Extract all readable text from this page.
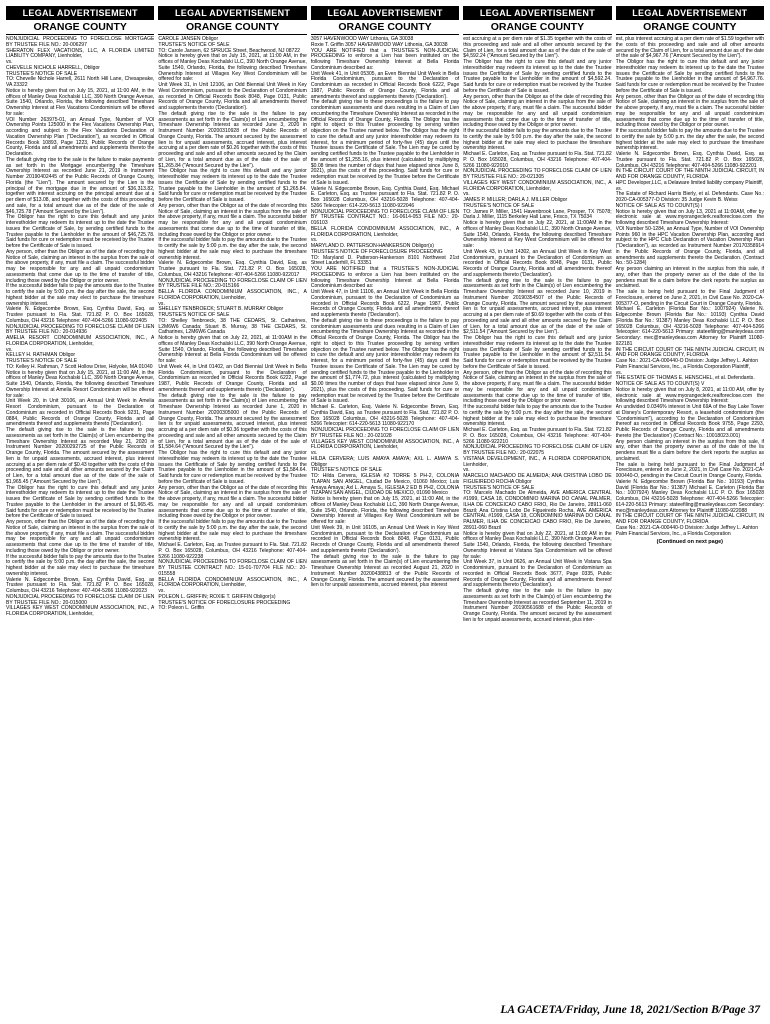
LEGAL ADVERTISEMENT
ORANGE COUNTY

NONJUDICIAL PROCEEDING TO FORECLOSE MORTGAGE BY TRUSTEE FILE NO.: 20-006297

SHERATON FLEX VACATIONS, LLC, A FLORIDA LIMITED LIABILITY COMPANY, Lienholder,

vs.

CHEVELLE NICHOLE HARRELL, Obligor

TRUSTEE'S NOTICE OF SALE

TO: Chevelle Nichole Harrell, 2611 North Hill Lane, Chesapeake, VA 23322

Notice is hereby given that on July 15, 2021, at 11:00 AM, in the offices of Manley Deas Kochalski LLC, 390 North Orange Avenue, Suite 1540, Orlando, Florida, the following described Timeshare Ownership Interest at Flex Vacations Condominium will be offered for sale:

VOI Number 263975-01, an Annual Type, Number of VOI Ownership Points 125000 in the Flex Vacations Ownership Plan, according and subject to the Flex Vacations Declaration of Vacation Ownership Plan ("Declaration"), as recorded in Official Records Book 10893, Page 1223, Public Records of Orange County, Florida and all amendments and supplements thereto the Declaration.

The default giving rise to the sale is the failure to make payments as set forth in the Mortgage encumbering the Timeshare Ownership Interest as recorded June 21, 2019 in Instrument Number 20190402445 of the Public Records of Orange County, Florida (the "Lien"). The amount secured by the Lien is the principal of the mortgage due in the amount of $36,313.82, together with interest accruing on the principal amount due at a per diem of $13.08, and together with the costs of this proceeding and sale, for a total amount due as of the date of the sale of $46,725.78 ("Amount Secured by the Lien").

The Obligor has the right to cure this default and any junior interestholder may redeem its interest up to the date the Trustee issues the Certificate of Sale, by sending certified funds to the Trustee payable to the Lienholder in the amount of $46,725.78. Said funds for cure or redemption must be received by the Trustee before the Certificate of Sale is issued.

Any person, other than the Obligor as of the date of recording this Notice of Sale, claiming an interest in the surplus from the sale of the above property, if any, must file a claim. The successful bidder may be responsible for any and all unpaid condominium assessments that come due up to the time of transfer of title, including those owed by the Obligor or prior owner.

If the successful bidder fails to pay the amounts due to the Trustee to certify the sale by 5:00 p.m. the day after the sale, the second highest bidder at the sale may elect to purchase the timeshare ownership interest.

Valerie N. Edgecombe Brown, Esq. Cynthia David, Esq. as Trustee pursuant to Fla. Stat. 721.82 P. O. Box 165028, Columbus, OH 43216 Telephone: 407-404-5266 11080-922405

NONJUDICIAL PROCEEDING TO FORECLOSE CLAIM OF LIEN BY TRUSTEE FILE NO.: 20-014936

AMELIA RESORT CONDOMINIUM ASSOCIATION, INC., A FLORIDA CORPORATION, Lienholder,

vs.

KELLEY H. RATHMAN Obligor

TRUSTEE'S NOTICE OF SALE

TO: Kelley H. Rathman, 7 Scott Hollow Drive, Holyoke, MA 01040

Notice is hereby given that on July 15, 2021, at 11:00 AM, in the offices of Manley Deas Kochalski LLC, 390 North Orange Avenue, Suite 1540, Orlando, Florida, the following described Timeshare Ownership Interest at Amelia Resort Condominium will be offered for sale:

Unit Week 20, in Unit 30106, an Annual Unit Week in Amelia Resort Condominium, pursuant to the Declaration of Condominium as recorded in Official Records Book 9231, Page 0884, Public Records of Orange County, Florida and all amendments thereof and supplements thereto ('Declaration').

The default giving rise to the sale is the failure to pay assessments as set forth in the Claim(s) of Lien encumbering the Timeshare Ownership Interest as recorded May 21, 2020 in Instrument Number 20200292725 of the Public Records of Orange County, Florida. The amount secured by the assessment lien is for unpaid assessments, accrued interest, plus interest accruing at a per diem rate of $0.43 together with the costs of this proceeding and sale and all other amounts secured by the Claim of Lien, for a total amount due as of the date of the sale of $1,965.45 ("Amount Secured by the Lien").

The Obligor has the right to cure this default and any junior interestholder may redeem its interest up to the date the Trustee issues the Certificate of Sale by sending certified funds to the Trustee payable to the Lienholder in the amount of $1,965.45. Said funds for cure or redemption must be received by the Trustee before the Certificate of Sale is issued.

Any person, other than the Obligor as of the date of recording this Notice of Sale, claiming an interest in the surplus from the sale of the above property, if any, must file a claim. The successful bidder may be responsible for any and all unpaid condominium assessments that come due up to the time of transfer of title, including those owed by the Obligor or prior owner.

If the successful bidder fails to pay the amounts due to the Trustee to certify the sale by 5:00 p.m. the day after the sale, the second highest bidder at the sale may elect to purchase the timeshare ownership interest.

Valerie N. Edgecombe Brown, Esq. Cynthia David, Esq. as Trustee pursuant to Fla. Stat. 721.82 P. O. Box 165028, Columbus, OH 43216 Telephone: 407-404-5266 11080-922023

NONJUDICIAL PROCEEDING TO FORECLOSE CLAIM OF LIEN BY TRUSTEE FILE NO.: 20-015000

VILLAGES KEY WEST CONDOMINIUM ASSOCIATION, INC., A FLORIDA CORPORATION, Lienholder,

LEGAL ADVERTISEMENT
ORANGE COUNTY

CAROLE JANSEN Obligor

TRUSTEE'S NOTICE OF SALE

TO: Carole Jansen, 62 SPRUCE Street, Beachwood, NJ 08722

Notice is hereby given that on July 15, 2021, at 11:00 AM, in the offices of Manley Deas Kochalski LLC, 390 North Orange Avenue, Suite 1540, Orlando, Florida, the following described Timeshare Ownership Interest at Villages Key West Condominium will be offered for sale:

Unit Week 31, in Unit 12106, an Odd Biennial Unit Week in Key West Condominium, pursuant to the Declaration of Condominium as recorded in Official Records Book 8048, Page 0131, Public Records of Orange County, Florida and all amendments thereof and supplements thereto ('Declaration').

The default giving rise to the sale is the failure to pay assessments as set forth in the Claim(s) of Lien encumbering the Timeshare Ownership Interest as recorded June 3, 2020 in Instrument Number 20200310928 of the Public Records of Orange County, Florida. The amount secured by the assessment lien is for unpaid assessments, accrued interest, plus interest accruing at a per diem rate of $0.26 together with the costs of this proceeding and sale and all other amounts secured by the Claim of Lien, for a total amount due as of the date of the sale of $1,265.84 ("Amount Secured by the Lien").

The Obligor has the right to cure this default and any junior interestholder may redeem its interest up to the date the Trustee issues the Certificate of Sale by sending certified funds to the Trustee payable to the Lienholder in the amount of $1,265.84. Said funds for cure or redemption must be received by the Trustee before the Certificate of Sale is issued.

Any person, other than the Obligor as of the date of recording this Notice of Sale, claiming an interest in the surplus from the sale of the above property, if any, must file a claim. The successful bidder may be responsible for any and all unpaid condominium assessments that come due up to the time of transfer of title, including those owed by the Obligor or prior owner.

If the successful bidder fails to pay the amounts due to the Trustee to certify the sale by 5:00 p.m. the day after the sale, the second highest bidder at the sale may elect to purchase the timeshare ownership interest.

Valerie N. Edgecombe Brown, Esq. Cynthia David, Esq. as Trustee pursuant to Fla. Stat. 721.82 P. O. Box 165028, Columbus, OH 43216 Telephone: 407-404-5266 11080-922017

NONJUDICIAL PROCEEDING TO FORECLOSE CLAIM OF LIEN BY TRUSTEE FILE NO.: 20-015166

BELLA FLORIDA CONDOMINIUM ASSOCIATION, INC., A FLORIDA CORPORATION, Lienholder,

vs.

SHELLEY TENBROECK; STUART B. MURRAY Obligor

TRUSTEE'S NOTICE OF SALE

TO: Shelley Tenbroeck, 38 THE CEDARS, St. Catharines, L2M6W6 Canada; Stuart B. Murray, 38 THE CEDARS, St. Catharines, L2M6W6 Canada

Notice is hereby given that on July 22, 2021, at 11:00AM in the offices of Manley Deas Kochalski LLC, 390 North Orange Avenue, Suite 1540, Orlando, Florida, the following described Timeshare Ownership Interest at Bella Florida Condominium will be offered for sale:

Unit Week 44, in Unit 01402, an Odd Biennial Unit Week in Bella Florida Condominium, pursuant to the Declaration of Condominium as recorded in Official Records Book 6222, Page 1987, Public Records of Orange County, Florida and all amendments thereof and supplements thereto ('Declaration').

The default giving rise to the sale is the failure to pay assessments as set forth in the Claim(s) of Lien encumbering the Timeshare Ownership Interest as recorded June 1, 2020 in Instrument Number 20200305000 of the Public Records of Orange County, Florida. The amount secured by the assessment lien is for unpaid assessments, accrued interest, plus interest accruing at a per diem rate of $0.36 together with the costs of this proceeding and sale and all other amounts secured by the Claim of Lien, for a total amount due as of the date of the sale of $1,584.64 ("Amount Secured by the Lien").

The Obligor has the right to cure this default and any junior interestholder may redeem its interest up to the date the Trustee issues the Certificate of Sale by sending certified funds to the Trustee payable to the Lienholder in the amount of $1,584.64. Said funds for cure or redemption must be received by the Trustee before the Certificate of Sale is issued.

Any person, other than the Obligor as of the date of recording this Notice of Sale, claiming an interest in the surplus from the sale of the above property, if any, must file a claim. The successful bidder may be responsible for any and all unpaid condominium assessments that come due up to the time of transfer of title, including those owed by the Obligor or prior owner.

If the successful bidder fails to pay the amounts due to the Trustee to certify the sale by 5:00 p.m. the day after the sale, the second highest bidder at the sale may elect to purchase the timeshare ownership interest.

Michael E. Carleton, Esq. as Trustee pursuant to Fla. Stat. 721.82 P. O. Box 165028, Columbus, OH 43216 Telephone: 407-404-5266 11080-922238

NONJUDICIAL PROCEEDING TO FORECLOSE CLAIM OF LIEN BY TRUSTEE CONTRACT NO.: 15-01-707704 FILE NO.: 20-015558

BELLA FLORIDA CONDOMINIUM ASSOCIATION, INC., A FLORIDA CORPORATION, Lienholder,

vs.

POLEON L. GRIFFIN; ROXIE T. GRIFFIN Obligor(s)

TRUSTEE'S NOTICE OF FORECLOSURE PROCEEDING

TO: Poleon L. Griffin

LEGAL ADVERTISEMENT
ORANGE COUNTY

3057 HAVENWOOD WAY Lithonia, GA 30038

Roxie T. Griffin 3057 HAVENWOOD WAY Lithonia, GA 30038

YOU ARE NOTIFIED that a TRUSTEE'S NON-JUDICIAL PROCEEDING to enforce a Lien has been instituted on the following Timeshare Ownership Interest at Bella Florida Condominium described as:

Unit Week 41, in Unit 05305, an Even Biennial Unit Week in Bella Florida Condominium, pursuant to the Declaration of Condominium as recorded in Official Records Book 6222, Page 1987, Public Records of Orange County, Florida and all amendments thereof and supplements thereto ('Declaration').

The default giving rise to these proceedings is the failure to pay condominium assessments and dues resulting in a Claim of Lien encumbering the Timeshare Ownership Interest as recorded in the Official Records of Orange County, Florida. The Obligor has the right to object to this Trustee proceeding by serving written objection on the Trustee named below. The Obligor has the right to cure the default and any junior interestholder may redeem its interest, for a minimum period of forty-five (45) days until the Trustee issues the Certificate of Sale. The Lien may be cured by sending certified funds to the Trustee payable to the Lienholder in the amount of $1,255.16, plus interest (calculated by multiplying $0.08 times the number of days that have elapsed since June 8, 2021), plus the costs of this proceeding. Said funds for cure or redemption must be received by the Trustee before the Certificate of Sale is issued.

Valerie N. Edgecombe Brown, Esq. Cynthia David, Esq. Michael E. Carleton, Esq. as Trustee pursuant to Fla. Stat. 721.82 P. O. Box 165028 Columbus, OH 43216-5028 Telephone: 407-404-5266 Telecopier: 614-220-5613 11080-922046

NONJUDICIAL PROCEEDING TO FORECLOSE CLAIM OF LIEN BY TRUSTEE CONTRACT NO.: 16-0614-053 FILE NO.: 20-016103

BELLA FLORIDA CONDOMINIUM ASSOCIATION, INC., A FLORIDA CORPORATION, Lienholder,

vs.

MARYLAND D. PATTERSON-HANKERSON Obligor(s)

TRUSTEE'S NOTICE OF FORECLOSURE PROCEEDING

TO: Maryland D. Patterson-Hankerson 8101 Northwest 21st Street Lauderhill, FL 33351

YOU ARE NOTIFIED that a TRUSTEE'S NON-JUDICIAL PROCEEDING to enforce a Lien has been instituted on the following Timeshare Ownership Interest at Bella Florida Condominium described as:

Unit Week 47, in Unit 11106, an Annual Unit Week in Bella Florida Condominium, pursuant to the Declaration of Condominium as recorded in Official Records Book 6222, Page 1987, Public Records of Orange County, Florida and all amendments thereof and supplements thereto ('Declaration').

The default giving rise to these proceedings is the failure to pay condominium assessments and dues resulting in a Claim of Lien encumbering the Timeshare Ownership Interest as recorded in the Official Records of Orange County, Florida. The Obligor has the right to object to this Trustee proceeding by serving written objection on the Trustee named below. The Obligor has the right to cure the default and any junior interestholder may redeem its interest, for a minimum period of forty-five (45) days until the Trustee issues the Certificate of Sale. The Lien may be cured by sending certified funds to the Trustee payable to the Lienholder in the amount of $1,774.72, plus interest (calculated by multiplying $0.00 times the number of days that have elapsed since June 9, 2021), plus the costs of this proceeding. Said funds for cure or redemption must be received by the Trustee before the Certificate of Sale is issued.

Michael E. Carleton, Esq. Valerie N. Edgecombe Brown, Esq. Cynthia David, Esq. as Trustee pursuant to Fla. Stat. 721.82 P. O. Box 165028 Columbus, OH 43216-5028 Telephone: 407-404-5266 Telecopier: 614-220-5613 11080-922170

NONJUDICIAL PROCEEDING TO FORECLOSE CLAIM OF LIEN BY TRUSTEE FILE NO.: 20-021028

VILLAGES KEY WEST CONDOMINIUM ASSOCIATION, INC., A FLORIDA CORPORATION, Lienholder,

vs.

HILDA CERVERA; LUIS AMAYA AMAYA; AXL L. AMAYA S. Obligor

TRUSTEE'S NOTICE OF SALE

TO: Hilda Cervera, IGLESIA #2 TORRE 5 PH-2, COLONIA TLAPAN SAN ANGEL, Ciudad De Mexico, 01060 Mexico; Luis Amaya Amaya; Axl L. Amaya S., IGLESIA 2 ED B PH2, COLONIA TIZAPAN SAN ANGEL, CIUDAD DE MEXICO, 01090 Mexico

Notice is hereby given that on July 15, 2021, at 11:00 AM, in the offices of Manley Deas Kochalski LLC, 390 North Orange Avenue, Suite 1540, Orlando, Florida, the following described Timeshare Ownership Interest at Villages Key West Condominium will be offered for sale:

Unit Week 39, in Unit 16105, an Annual Unit Week in Key West Condominium, pursuant to the Declaration of Condominium as recorded in Official Records Book 8048, Page 0131, Public Records of Orange County, Florida and all amendments thereof and supplements thereto ('Declaration').

The default giving rise to the sale is the failure to pay assessments as set forth in the Claim(s) of Lien encumbering the Timeshare Ownership Interest as recorded August 21, 2020 in Instrument Number 20200438813 of the Public Records of Orange County, Florida. The amount secured by the assessment lien is for unpaid assessments, accrued interest, plus interest

LEGAL ADVERTISEMENT
ORANGE COUNTY

est accruing at a per diem rate of $1.35 together with the costs of this proceeding and sale and all other amounts secured by the Claim of Lien, for a total amount due as of the date of the sale of $4,592.24 ("Amount Secured by the Lien").

The Obligor has the right to cure this default and any junior interestholder may redeem its interest up to the date the Trustee issues the Certificate of Sale by sending certified funds to the Trustee payable to the Lienholder in the amount of $4,592.24. Said funds for cure or redemption must be received by the Trustee before the Certificate of Sale is issued.

Any person, other than the Obligor as of the date of recording this Notice of Sale, claiming an interest in the surplus from the sale of the above property, if any, must file a claim. The successful bidder may be responsible for any and all unpaid condominium assessments that come due up to the time of transfer of title, including those owed by the Obligor or prior owner.

If the successful bidder fails to pay the amounts due to the Trustee to certify the sale by 5:00 p.m. the day after the sale, the second highest bidder at the sale may elect to purchase the timeshare ownership interest.

Michael E. Carleton, Esq. as Trustee pursuant to Fla. Stat. 721.82 P. O. Box 165028, Columbus, OH 43216 Telephone: 407-404-5266 11080-922010

NONJUDICIAL PROCEEDING TO FORECLOSE CLAIM OF LIEN BY TRUSTEE FILE NO.: 20-021305

VILLAGES KEY WEST CONDOMINIUM ASSOCIATION, INC., A FLORIDA CORPORATION, Lienholder,

vs.

JAMES P. MILLER; DARLA J. MILLER Obligor

TRUSTEE'S NOTICE OF SALE

TO: James P. Miller, 1541 Havenbrook Lane, Prosper, TX 75078; Darla J. Miller, 1115 Berkeley Hall Lane, Frisco, TX 75034

Notice is hereby given that on July 22, 2021, at 11:00AM in the offices of Manley Deas Kochalski LLC, 390 North Orange Avenue, Suite 1540, Orlando, Florida, the following described Timeshare Ownership Interest at Key West Condominium will be offered for sale:

Unit Week 43, in Unit 14302, an Annual Unit Week in Key West Condominium, pursuant to the Declaration of Condominium as recorded in Official Records Book 8048, Page 0131, Public Records of Orange County, Florida and all amendments thereof and supplements thereto ('Declaration').

The default giving rise to the sale is the failure to pay assessments as set forth in the Claim(s) of Lien encumbering the Timeshare Ownership Interest as recorded June 10, 2019 in Instrument Number 20190354507 of the Public Records of Orange County, Florida. The amount secured by the assessment lien is for unpaid assessments, accrued interest, plus interest accruing at a per diem rate of $0.69 together with the costs of this proceeding and sale and all other amounts secured by the Claim of Lien, for a total amount due as of the date of the sale of $2,511.54 ("Amount Secured by the Lien").

The Obligor has the right to cure this default and any junior interestholder may redeem its interest up to the date the Trustee issues the Certificate of Sale by sending certified funds to the Trustee payable to the Lienholder in the amount of $2,511.54. Said funds for cure or redemption must be received by the Trustee before the Certificate of Sale is issued.

Any person, other than the Obligor as of the date of recording this Notice of Sale, claiming an interest in the surplus from the sale of the above property, if any, must file a claim. The successful bidder may be responsible for any and all unpaid condominium assessments that come due up to the time of transfer of title, including those owed by the Obligor or prior owner.

If the successful bidder fails to pay the amounts due to the Trustee to certify the sale by 5:00 p.m. the day after the sale, the second highest bidder at the sale may elect to purchase the timeshare ownership interest.

Michael E. Carleton, Esq. as Trustee pursuant to Fla. Stat. 721.82 P. O. Box 165028, Columbus, OH 43216 Telephone: 407-404-5266 11080-922210

NONJUDICIAL PROCEEDING TO FORECLOSE CLAIM OF LIEN BY TRUSTEE FILE NO.: 20-022075

VISTANA DEVELOPMENT, INC., A FLORIDA CORPORATION, Lienholder,

vs.

MARCELO MACHADO DE ALMEIDA; ANA CRISTINA LOBO DE FIGUEIREDO ROCHA Obligor

TRUSTEE'S NOTICE OF SALE

TO: Marcelo Machado De Almeida, AVE AMERICA CENTRAL #1999, CASA 18, CONDOMINIO MARINA DO CANAL PALMER, ILHA DE CONCEICAO CABO FRIO, Rio De Janeiro, 28911-060 Brazil; Ana Cristina Lobo De Figueiredo Rocha, AVE AMERICA CENTRAL #1999, CASA 18, CONDOMINIO MARINA DO CANAL PALMER, ILHA DE CONCEICAO CABO FRIO, Rio De Janeiro, 28911-060 Brazil

Notice is hereby given that on July 22, 2021, at 11:00 AM in the offices of Manley Deas Kochalski LLC, 390 North Orange Avenue, Suite 1540, Orlando, Florida, the following described Timeshare Ownership Interest at Vistana Spa Condominium will be offered for sale:

Unit Week 37, in Unit 0626, an Annual Unit Week in Vistana Spa Condominium, pursuant to the Declaration of Condominium as recorded in Official Records Book 3677, Page 0335, Public Records of Orange County, Florida and all amendments thereof and supplements thereto ('Declaration').

The default giving rise to the sale is the failure to pay assessments as set forth in the Claim(s) of Lien encumbering the Timeshare Ownership Interest as recorded September 11, 2019 in Instrument Number 20190561688 of the Public Records of Orange County, Florida. The amount secured by the assessment lien is for unpaid assessments, accrued interest, plus inter-

LEGAL ADVERTISEMENT
ORANGE COUNTY

est, plus interest accruing at a per diem rate of $1.59 together with the costs of this proceeding and sale and all other amounts secured by the Claim of Lien, for a total amount due as of the date of the sale of $4,967.76 ("Amount Secured by the Lien").

The Obligor has the right to cure this default and any junior interestholder may redeem its interest up to the date the Trustee issues the Certificate of Sale by sending certified funds to the Trustee payable to the Lienholder in the amount of $4,967.76. Said funds for cure or redemption must be received by the Trustee before the Certificate of Sale is issued.

Any person, other than the Obligor as of the date of recording this Notice of Sale, claiming an interest in the surplus from the sale of the above property, if any, must file a claim. The successful bidder may be responsible for any and all unpaid condominium assessments that come due up to the time of transfer of title, including those owed by the Obligor or prior owner.

If the successful bidder fails to pay the amounts due to the Trustee to certify the sale by 5:00 p.m. the day after the sale, the second highest bidder at the sale may elect to purchase the timeshare ownership interest.

Valerie N. Edgecombe Brown, Esq. Cynthia David, Esq. as Trustee pursuant to Fla. Stat. 721.82 P. O. Box 165028, Columbus, OH 43216 Telephone: 407-404-5266 11080-922201

IN THE CIRCUIT COURT OF THE NINTH JUDICIAL CIRCUIT, IN AND FOR ORANGE COUNTY, FLORIDA

HPC Developer,LLC, a Delaware limited liability company Plaintiff,

vs.

The Estate of Richard Harris Bierly, et al. Defendants. Case No.: 2020-CA-005377-O Division: 35 Judge Kevin B. Weiss

NOTICE OF SALE AS TO COUNT(S) I

Notice is hereby given that on July 13, 2021 at 11:00AM, offer by electronic sale at www.myorangeclerk.realforeclose.com the following described Timeshare Ownership Interest:

VOI Number 50-1284, an Annual Type, Number of VOI Ownership Points 960 in the HPC Vacation Ownership Plan, according and subject to the HPC Club Declaration of Vacation Ownership Plan ("Declaration"), as recorded as Instrument Number 20170358914 in the Public Records of Orange County, Florida, and all amendments and supplements thereto the Declaration. (Contract No.: 50-1284)

Any person claiming an interest in the surplus from this sale, if any, other than the property owner as of the date of the lis pendens must file a claim before the clerk reports the surplus as unclaimed.

The sale is being held pursuant to the Final Judgment of Foreclosure, entered on June 2, 2021, in Civil Case No. 2020-CA-005377-O, pending in the Circuit Court in Orange County, Florida.

Michael E. Carleton (Florida Bar No.: 1007924) Valerie N. Edgecombe Brown (Florida Bar No.: 10193) Cynthia David (Florida Bar No.: 91387) Manley Deas Kochalski LLC P. O. Box 165028 Columbus, OH 43216-5028 Telephone: 407-404-5266 Telecopier: 614-220-5613 Primary: stateefiling@manleydeas.com Secondary: mec@manleydeas.com Attorney for Plaintiff 11080-922181

IN THE CIRCUIT COURT OF THE NINTH JUDICIAL CIRCUIT, IN AND FOR ORANGE COUNTY, FLORIDA

Case No.: 2021-CA-000440-O Division: Judge Jeffrey L. Ashton

Palm Financial Services, Inc., a Florida Corporation Plaintiff,

vs.

THE ESTATE OF THOMAS E. HENSCHEL, et al. Defendants.

NOTICE OF SALE AS TO COUNT(S) V

Notice is hereby given that on July 8, 2021, at 11:00 AM, offer by electronic sale at www.myorangeclerk.realforeclose.com the following described Timeshare Ownership Interest:

An undivided 0.0346% interest in Unit 69A of the Bay Lake Tower at Disney's Contemporary Resort, a leasehold condominium (the "Condominium"), according to the Declaration of Condominium thereof as recorded in Official Records Book 9755, Page 2293, Public Records of Orange County, Florida and all amendments thereto (the 'Declaration') (Contract No.: 10018023.001)

Any person claiming an interest in the surplus from this sale, if any, other than the property owner as of the date of the lis pendens must file a claim before the clerk reports the surplus as unclaimed.

The sale is being held pursuant to the Final Judgment of Foreclosure, entered on June 2, 2021, in Civil Case No. 2021-CA-000440-O, pending in the Circuit Court in Orange County, Florida.

Valerie N. Edgecombe Brown (Florida Bar No.: 10193) Cynthia David (Florida Bar No.: 91387) Michael E. Carleton (Florida Bar No.: 1007924) Manley Deas Kochalski LLC P. O. Box 165028 Columbus, OH 43216-5028 Telephone: 407-404-5266 Telecopier: 614-220-5613 Primary: stateefiling@manleydeas.com Secondary: mec@manleydeas.com Attorney for Plaintiff 11080-922088

IN THE CIRCUIT COURT OF THE NINTH JUDICIAL CIRCUIT, IN AND FOR ORANGE COUNTY, FLORIDA

Case No.: 2021-CA-000440-O Division: Judge Jeffrey L. Ashton

Palm Financial Services, Inc., a Florida Corporation

(Continued on next page)
LA GACETA/Friday, June 18, 2021/Section B/Page 37
